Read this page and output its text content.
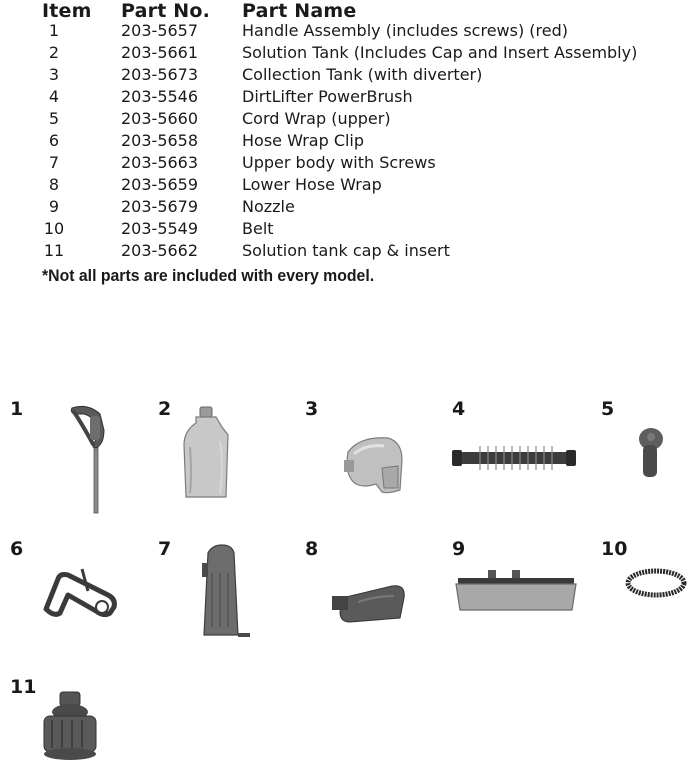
Item Part No. Part Name
1	203-5657	Handle Assembly (includes screws) (red)
2	203-5661	Solution Tank (Includes Cap and Insert Assembly)
3	203-5673	Collection Tank (with diverter)
4	203-5546	DirtLifter PowerBrush
5	203-5660	Cord Wrap (upper)
6	203-5658	Hose Wrap Clip
7	203-5663	Upper body with Screws
8	203-5659	Lower Hose Wrap
9	203-5679	Nozzle
10	203-5549	Belt
11	203-5662	Solution tank cap & insert
*Not all parts are included with every model.
1	2	3	4	5
6	7	8	9	10
11
